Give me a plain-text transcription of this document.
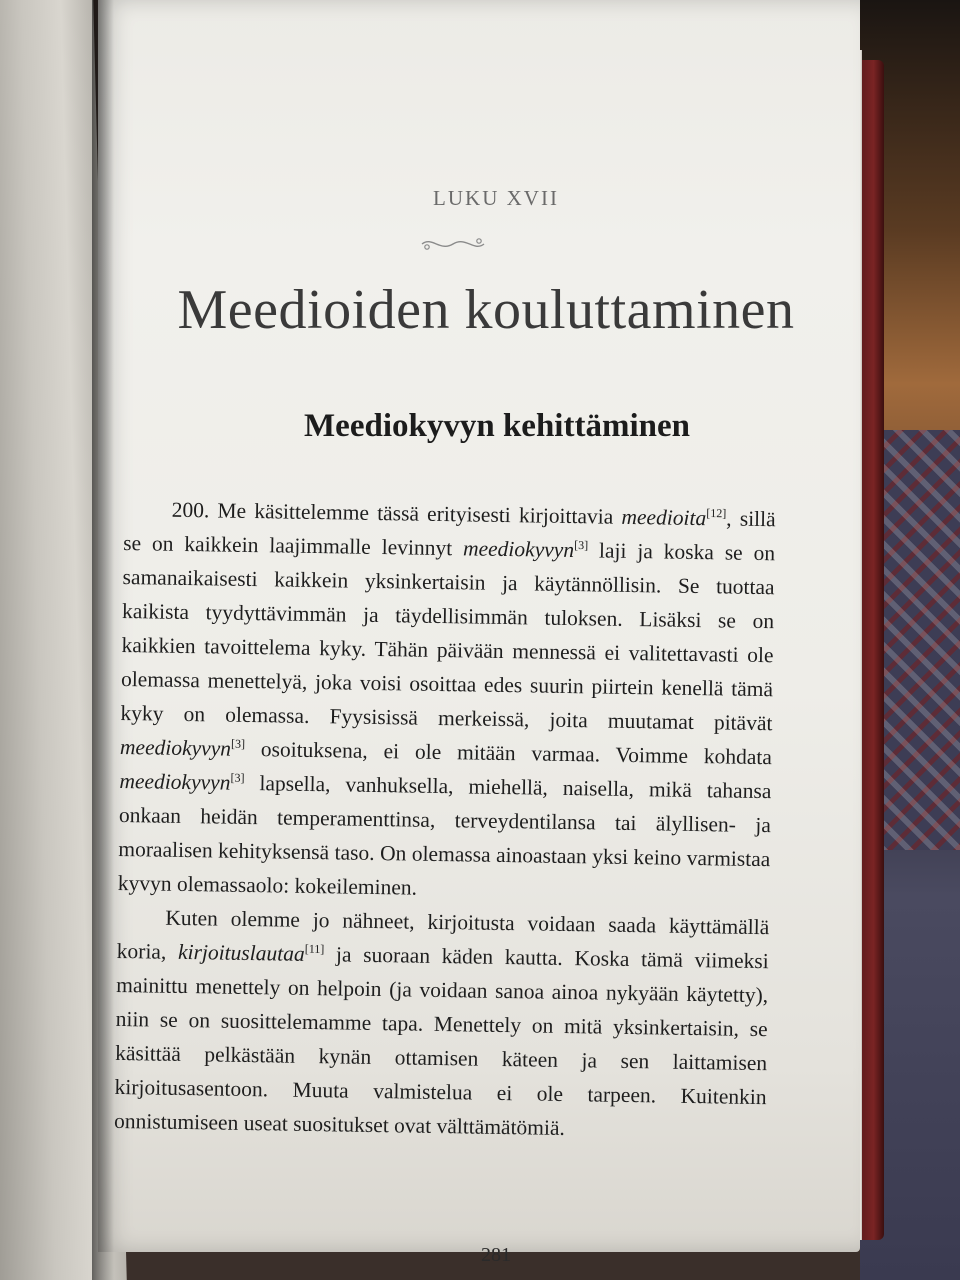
LUKU XVII
Meedioiden kouluttaminen
Meediokyvyn kehittäminen

200. Me käsittelemme tässä erityisesti kirjoittavia meedioita[12], sillä se on kaikkein laajimmalle levinnyt meediokyvyn[3] laji ja koska se on samanaikaisesti kaikkein yksinkertaisin ja käytännöllisin. Se tuottaa kaikista tyydyttävimmän ja täydellisimmän tuloksen. Lisäksi se on kaikkien tavoittelema kyky. Tähän päivään mennessä ei valitettavasti ole olemassa menettelyä, joka voisi osoittaa edes suurin piirtein kenellä tämä kyky on olemassa. Fyysisissä merkeissä, joita muutamat pitävät meediokyvyn[3] osoituksena, ei ole mitään varmaa. Voimme kohdata meediokyvyn[3] lapsella, vanhuksella, miehellä, naisella, mikä tahansa onkaan heidän temperamenttinsa, terveydentilansa tai älyllisen- ja moraalisen kehityksensä taso. On olemassa ainoastaan yksi keino varmistaa kyvyn olemassaolo: kokeileminen.

Kuten olemme jo nähneet, kirjoitusta voidaan saada käyttämällä koria, kirjoituslautaa[11] ja suoraan käden kautta. Koska tämä viimeksi mainittu menettely on helpoin (ja voidaan sanoa ainoa nykyään käytetty), niin se on suosittelemamme tapa. Menettely on mitä yksinkertaisin, se käsittää pelkästään kynän ottamisen käteen ja sen laittamisen kirjoitusasentoon. Muuta valmistelua ei ole tarpeen. Kuitenkin onnistumiseen useat suositukset ovat välttämätömiä.

281
